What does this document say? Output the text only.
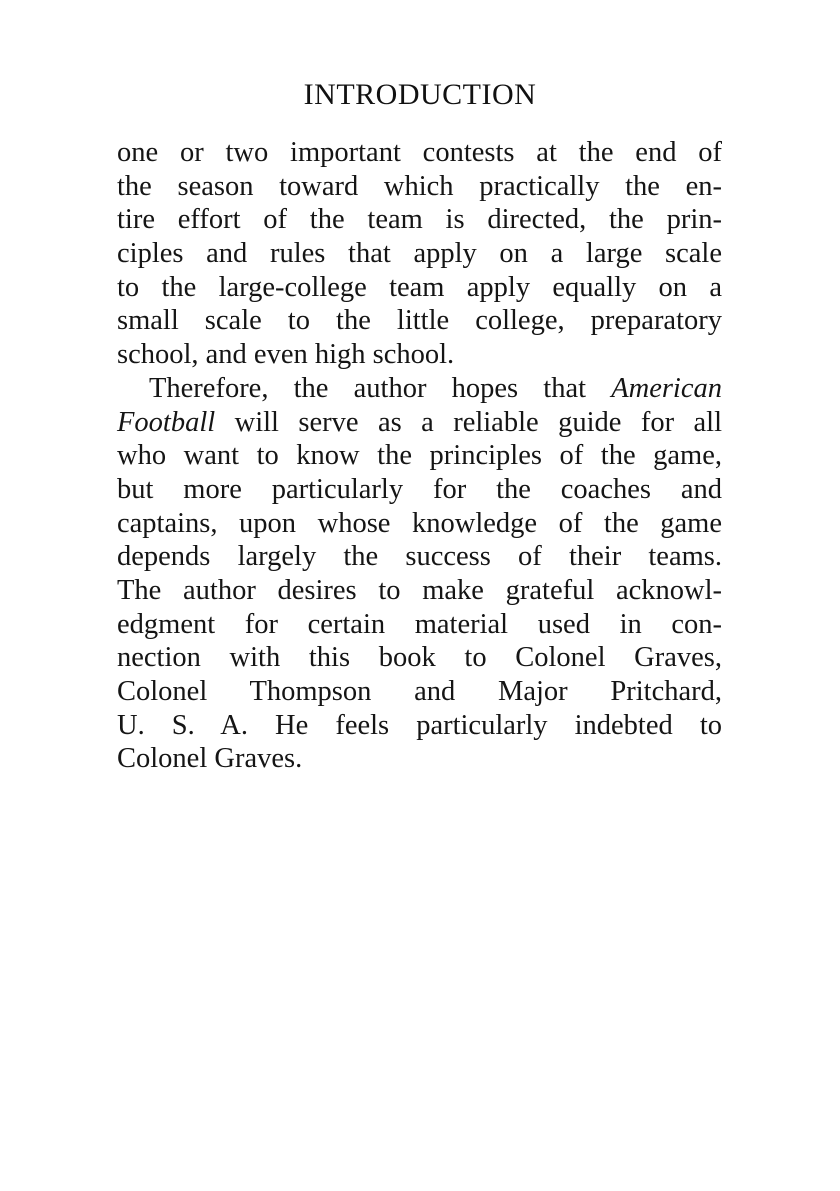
INTRODUCTION
one or two important contests at the end of
the season toward which practically the en-
tire effort of the team is directed, the prin-
ciples and rules that apply on a large scale
to the large-college team apply equally on a
small scale to the little college, preparatory
school, and even high school.
Therefore, the author hopes that American
Football will serve as a reliable guide for all
who want to know the principles of the game,
but more particularly for the coaches and
captains, upon whose knowledge of the game
depends largely the success of their teams.
The author desires to make grateful acknowl-
edgment for certain material used in con-
nection with this book to Colonel Graves,
Colonel Thompson and Major Pritchard,
U. S. A. He feels particularly indebted to
Colonel Graves.
